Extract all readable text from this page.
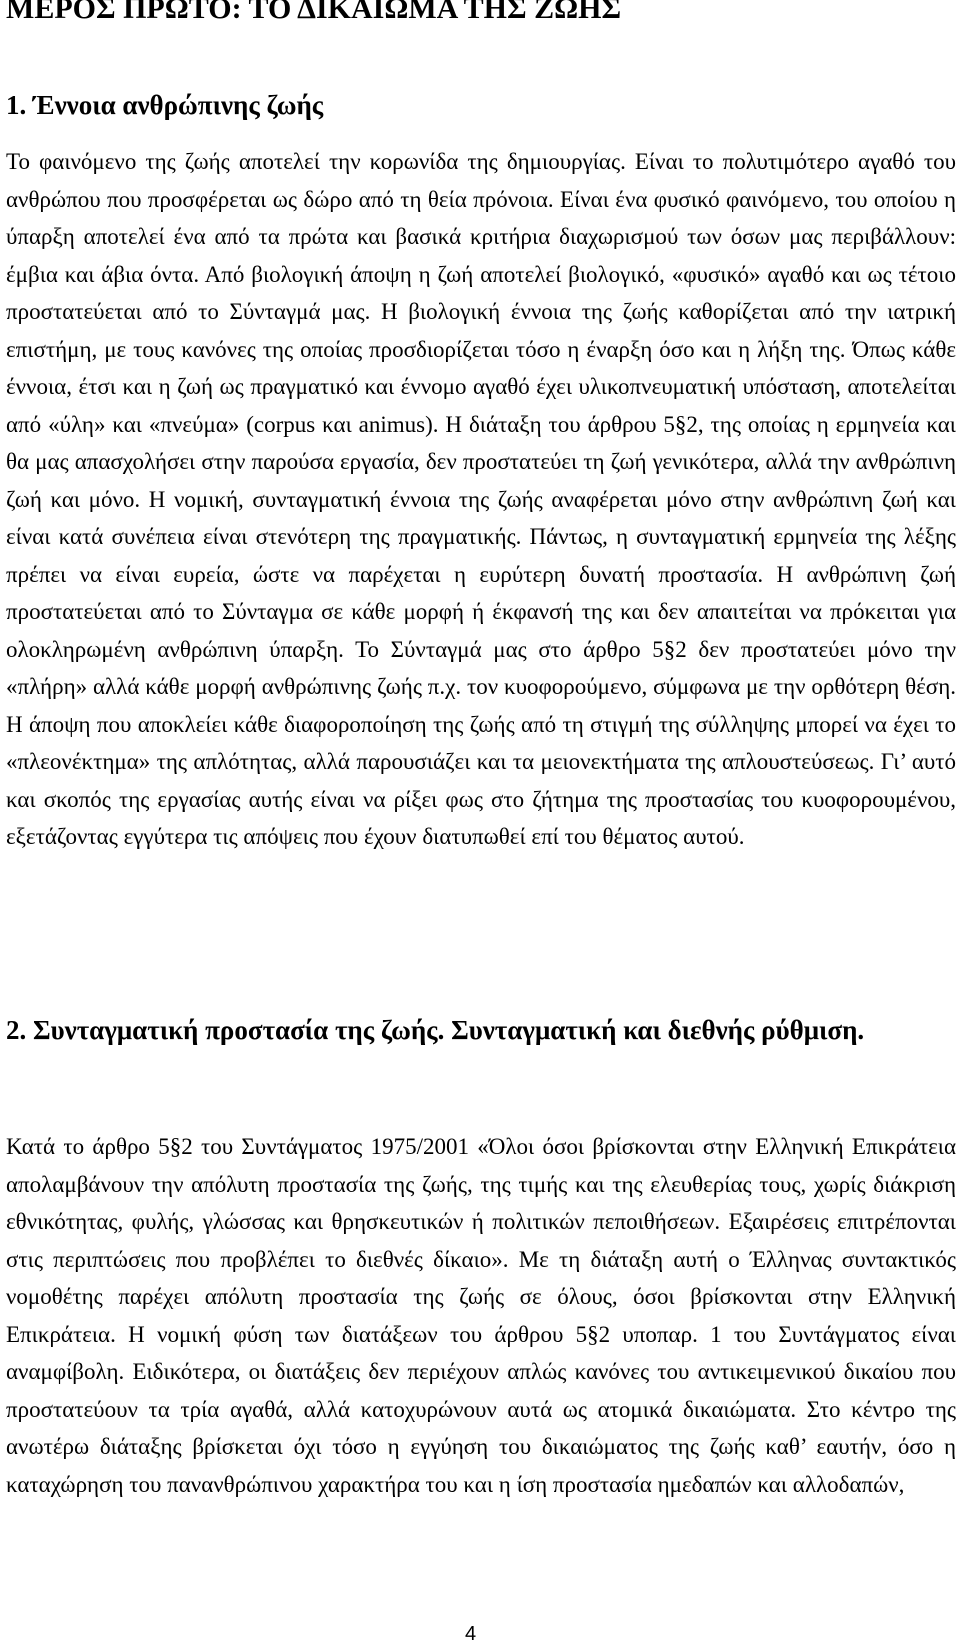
ΜΕΡΟΣ ΠΡΩΤΟ: ΤΟ ΔΙΚΑΙΩΜΑ ΤΗΣ ΖΩΗΣ
1. Έννοια ανθρώπινης ζωής

Το φαινόμενο της ζωής αποτελεί την κορωνίδα της δημιουργίας. Είναι το πολυτιμότερο αγαθό του ανθρώπου που προσφέρεται ως δώρο από τη θεία πρόνοια. Είναι ένα φυσικό φαινόμενο, του οποίου η ύπαρξη αποτελεί ένα από τα πρώτα και βασικά κριτήρια διαχωρισμού των όσων μας περιβάλλουν: έμβια και άβια όντα. Από βιολογική άποψη η ζωή αποτελεί βιολογικό, «φυσικό» αγαθό και ως τέτοιο προστατεύεται από το Σύνταγμά μας. Η βιολογική έννοια της ζωής καθορίζεται από την ιατρική επιστήμη, με τους κανόνες της οποίας προσδιορίζεται τόσο η έναρξη όσο και η λήξη της. Όπως κάθε έννοια, έτσι και η ζωή ως πραγματικό και έννομο αγαθό έχει υλικοπνευματική υπόσταση, αποτελείται από «ύλη» και «πνεύμα» (corpus και animus). Η διάταξη του άρθρου 5§2, της οποίας η ερμηνεία και θα μας απασχολήσει στην παρούσα εργασία, δεν προστατεύει τη ζωή γενικότερα, αλλά την ανθρώπινη ζωή και μόνο. Η νομική, συνταγματική έννοια της ζωής αναφέρεται μόνο στην ανθρώπινη ζωή και είναι κατά συνέπεια είναι στενότερη της πραγματικής. Πάντως, η συνταγματική ερμηνεία της λέξης πρέπει να είναι ευρεία, ώστε να παρέχεται η ευρύτερη δυνατή προστασία. Η ανθρώπινη ζωή προστατεύεται από το Σύνταγμα σε κάθε μορφή ή έκφανσή της και δεν απαιτείται να πρόκειται για ολοκληρωμένη ανθρώπινη ύπαρξη. Το Σύνταγμά μας στο άρθρο 5§2 δεν προστατεύει μόνο την «πλήρη» αλλά κάθε μορφή ανθρώπινης ζωής π.χ. τον κυοφορούμενο, σύμφωνα με την ορθότερη θέση. Η άποψη που αποκλείει κάθε διαφοροποίηση της ζωής από τη στιγμή της σύλληψης μπορεί να έχει το «πλεονέκτημα» της απλότητας, αλλά παρουσιάζει και τα μειονεκτήματα της απλουστεύσεως. Γι’ αυτό και σκοπός της εργασίας αυτής είναι να ρίξει φως στο ζήτημα της προστασίας του κυοφορουμένου, εξετάζοντας εγγύτερα τις απόψεις που έχουν διατυπωθεί επί του θέματος αυτού.

2. Συνταγματική προστασία της ζωής. Συνταγματική και διεθνής ρύθμιση.

Κατά το άρθρο 5§2 του Συντάγματος 1975/2001 «Όλοι όσοι βρίσκονται στην Ελληνική Επικράτεια απολαμβάνουν την απόλυτη προστασία της ζωής, της τιμής και της ελευθερίας τους, χωρίς διάκριση εθνικότητας, φυλής, γλώσσας και θρησκευτικών ή πολιτικών πεποιθήσεων. Εξαιρέσεις επιτρέπονται στις περιπτώσεις που προβλέπει το διεθνές δίκαιο». Με τη διάταξη αυτή ο Έλληνας συντακτικός νομοθέτης παρέχει απόλυτη προστασία της ζωής σε όλους, όσοι βρίσκονται στην Ελληνική Επικράτεια. Η νομική φύση των διατάξεων του άρθρου 5§2 υποπαρ. 1 του Συντάγματος είναι αναμφίβολη. Ειδικότερα, οι διατάξεις δεν περιέχουν απλώς κανόνες του αντικειμενικού δικαίου που προστατεύουν τα τρία αγαθά, αλλά κατοχυρώνουν αυτά ως ατομικά δικαιώματα. Στο κέντρο της ανωτέρω διάταξης βρίσκεται όχι τόσο η εγγύηση του δικαιώματος της ζωής καθ’ εαυτήν, όσο η καταχώρηση του πανανθρώπινου χαρακτήρα του και η ίση προστασία ημεδαπών και αλλοδαπών,

4
